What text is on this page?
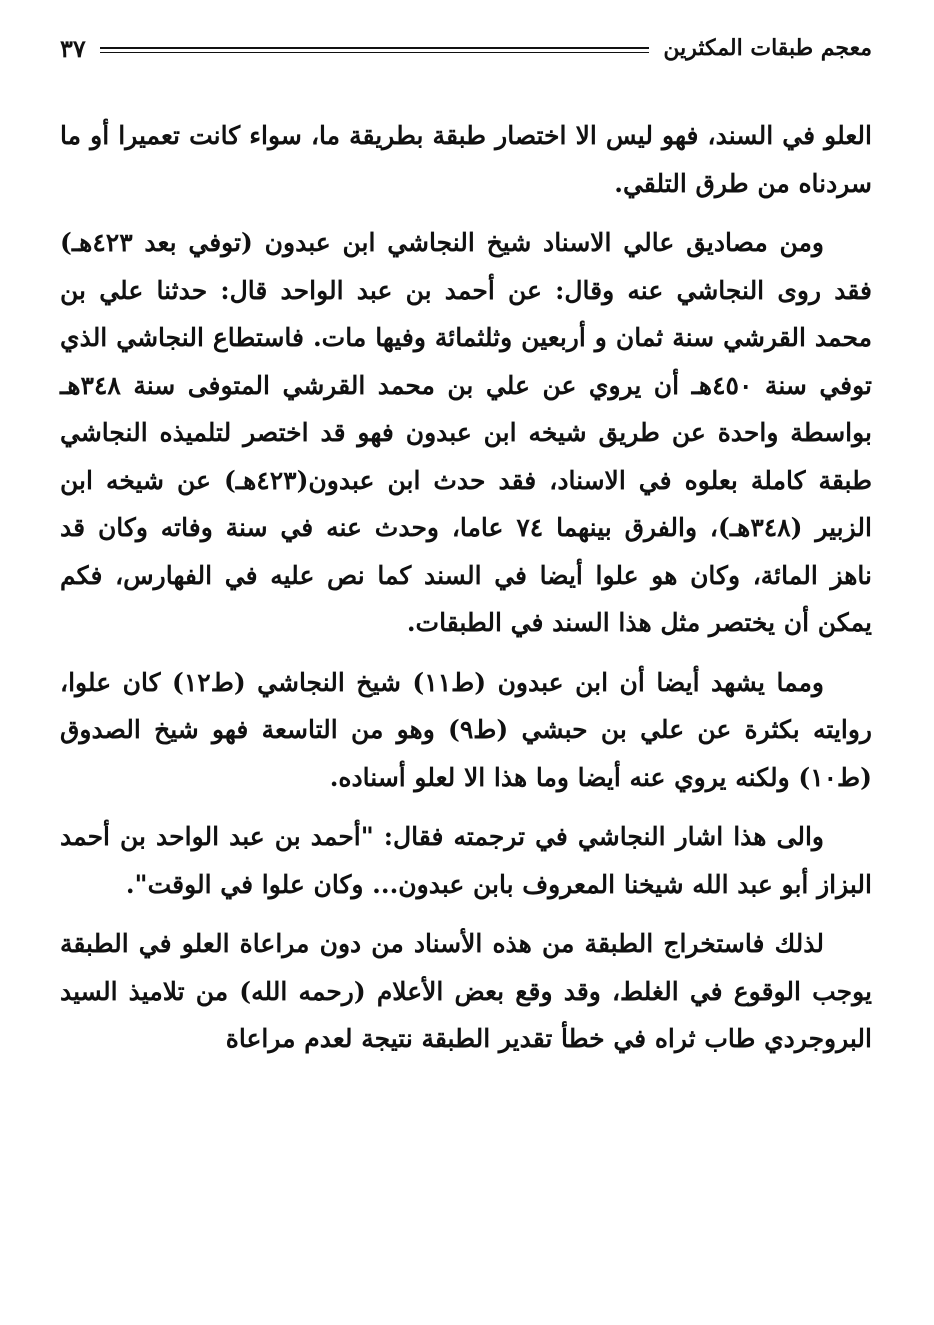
معجم طبقات المكثرين
٣٧

العلو في السند، فهو ليس الا اختصار طبقة بطريقة ما، سواء كانت تعميرا أو ما سردناه من طرق التلقي.

ومن مصاديق عالي الاسناد شيخ النجاشي ابن عبدون (توفي بعد ٤٢٣هـ) فقد روى النجاشي عنه وقال: عن أحمد بن عبد الواحد قال: حدثنا علي بن محمد القرشي سنة ثمان و أربعين وثلثمائة وفيها مات. فاستطاع النجاشي الذي توفي سنة ٤٥٠هـ أن يروي عن علي بن محمد القرشي المتوفى سنة ٣٤٨هـ بواسطة واحدة عن طريق شيخه ابن عبدون فهو قد اختصر لتلميذه النجاشي طبقة كاملة بعلوه في الاسناد، فقد حدث ابن عبدون(٤٢٣هـ) عن شيخه ابن الزبير (٣٤٨هـ)، والفرق بينهما ٧٤ عاما، وحدث عنه في سنة وفاته وكان قد ناهز المائة، وكان هو علوا أيضا في السند كما نص عليه في الفهارس، فكم يمكن أن يختصر مثل هذا السند في الطبقات.

ومما يشهد أيضا أن ابن عبدون (ط١١) شيخ النجاشي (ط١٢) كان علوا، روايته بكثرة عن علي بن حبشي (ط٩) وهو من التاسعة فهو شيخ الصدوق (ط١٠) ولكنه يروي عنه أيضا وما هذا الا لعلو أسناده.

والى هذا اشار النجاشي في ترجمته فقال: "أحمد بن عبد الواحد بن أحمد البزاز أبو عبد الله شيخنا المعروف بابن عبدون... وكان علوا في الوقت".

لذلك فاستخراج الطبقة من هذه الأسناد من دون مراعاة العلو في الطبقة يوجب الوقوع في الغلط، وقد وقع بعض الأعلام (رحمه الله) من تلاميذ السيد البروجردي طاب ثراه في خطأ تقدير الطبقة نتيجة لعدم مراعاة
